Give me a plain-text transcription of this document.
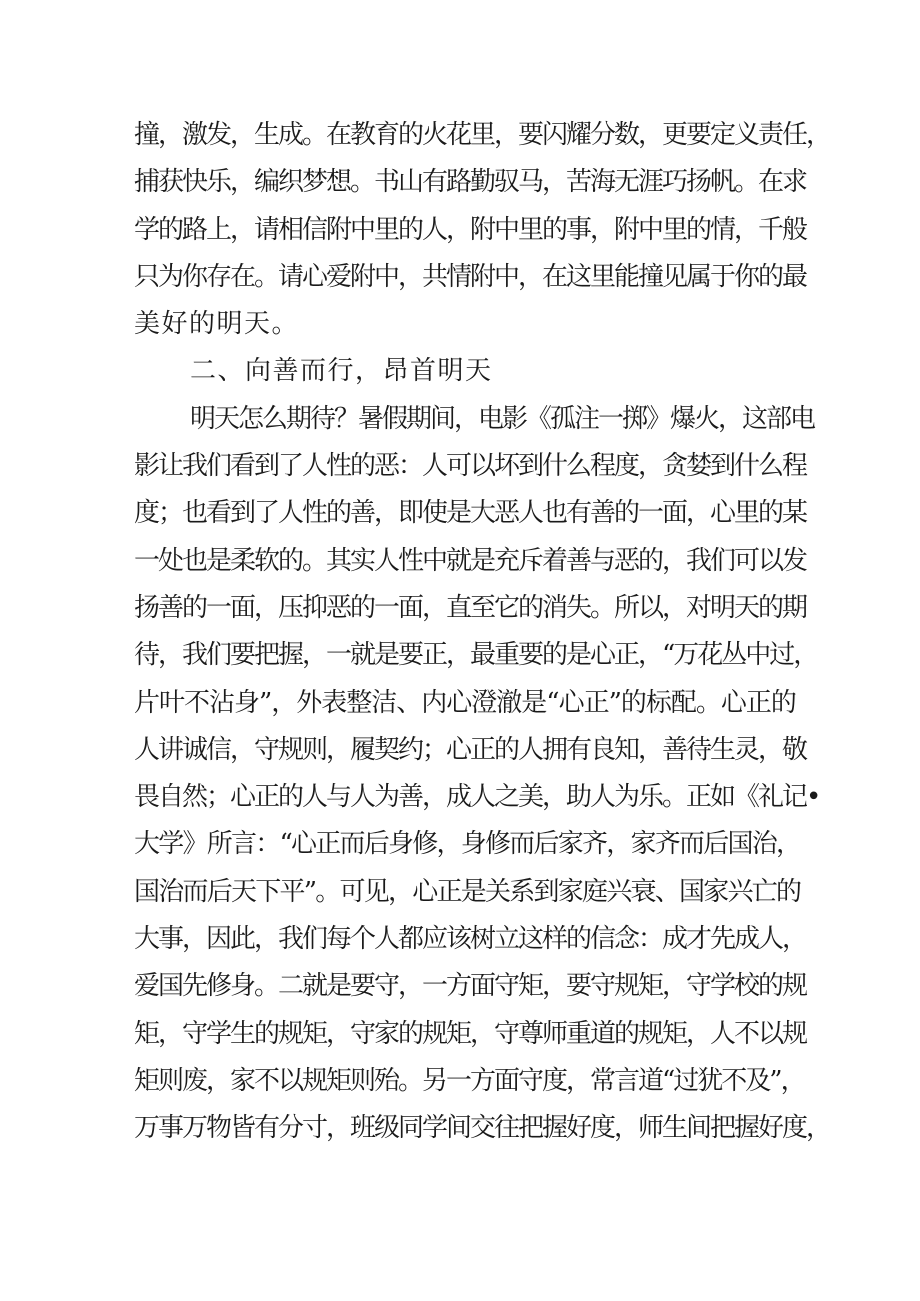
撞，激发，生成。在教育的火花里，要闪耀分数，更要定义责任，
捕获快乐，编织梦想。书山有路勤驭马，苦海无涯巧扬帆。在求
学的路上，请相信附中里的人，附中里的事，附中里的情，千般
只为你存在。请心爱附中，共情附中，在这里能撞见属于你的最
美好的明天。
二、向善而行，昂首明天
明天怎么期待？暑假期间，电影《孤注一掷》爆火，这部电
影让我们看到了人性的恶：人可以坏到什么程度，贪婪到什么程
度；也看到了人性的善，即使是大恶人也有善的一面，心里的某
一处也是柔软的。其实人性中就是充斥着善与恶的，我们可以发
扬善的一面，压抑恶的一面，直至它的消失。所以，对明天的期
待，我们要把握，一就是要正，最重要的是心正，“万花丛中过，
片叶不沾身”，外表整洁、内心澄澈是“心正”的标配。心正的
人讲诚信，守规则，履契约；心正的人拥有良知，善待生灵，敬
畏自然；心正的人与人为善，成人之美，助人为乐。正如《礼记•
大学》所言：“心正而后身修，身修而后家齐，家齐而后国治，
国治而后天下平”。可见，心正是关系到家庭兴衰、国家兴亡的
大事，因此，我们每个人都应该树立这样的信念：成才先成人，
爱国先修身。二就是要守，一方面守矩，要守规矩，守学校的规
矩，守学生的规矩，守家的规矩，守尊师重道的规矩，人不以规
矩则废，家不以规矩则殆。另一方面守度，常言道“过犹不及”，
万事万物皆有分寸，班级同学间交往把握好度，师生间把握好度，
